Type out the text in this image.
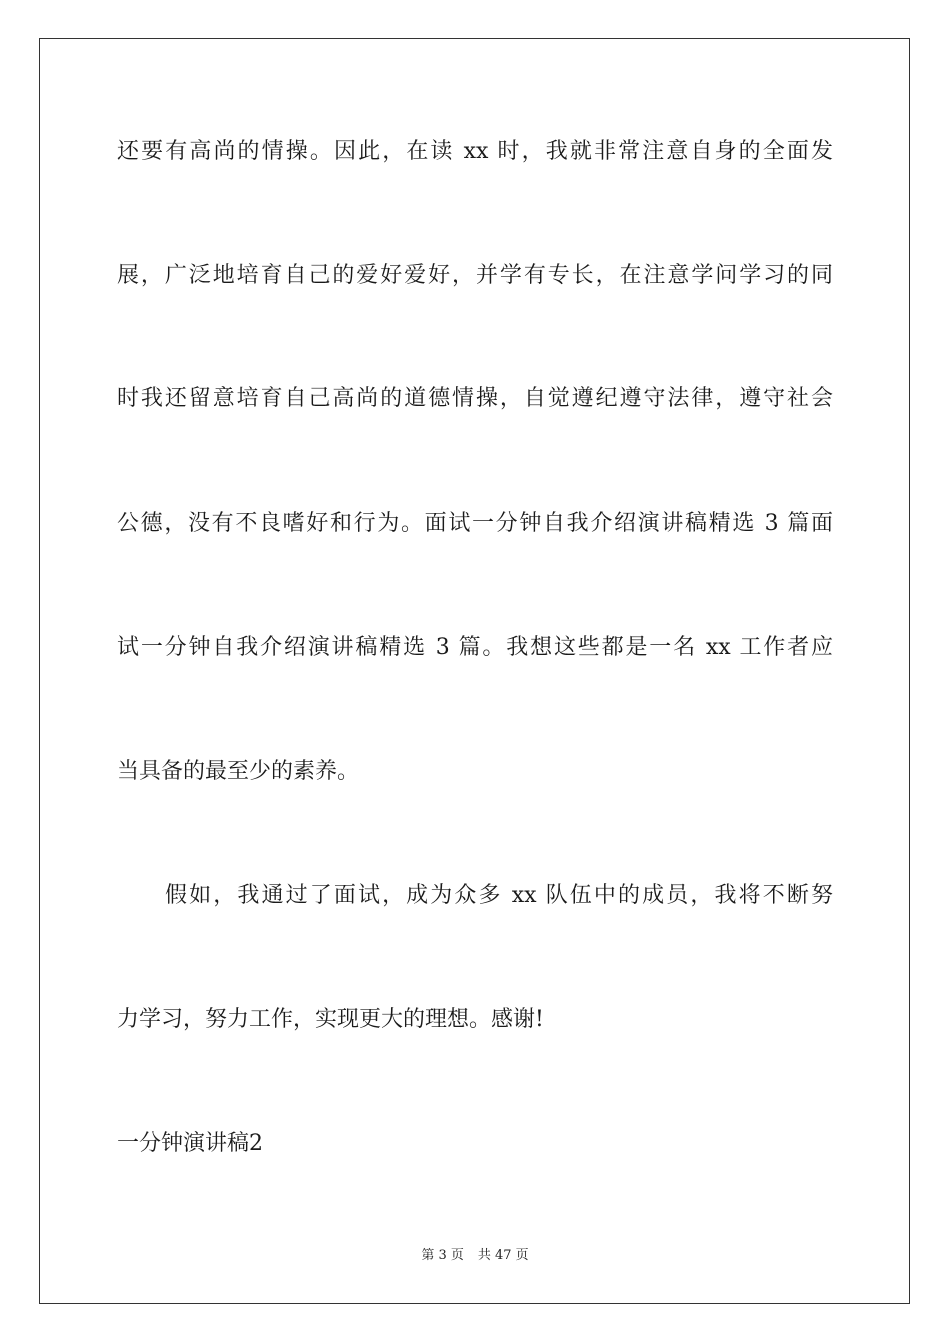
还要有高尚的情操。因此，在读 xx 时，我就非常注意自身的全面发
展，广泛地培育自己的爱好爱好，并学有专长，在注意学问学习的同
时我还留意培育自己高尚的道德情操，自觉遵纪遵守法律，遵守社会
公德，没有不良嗜好和行为。面试一分钟自我介绍演讲稿精选 3 篇面
试一分钟自我介绍演讲稿精选 3 篇。我想这些都是一名 xx 工作者应
当具备的最至少的素养。
假如，我通过了面试，成为众多 xx 队伍中的成员，我将不断努
力学习，努力工作，实现更大的理想。感谢!
一分钟演讲稿2
第 3 页 共 47 页
